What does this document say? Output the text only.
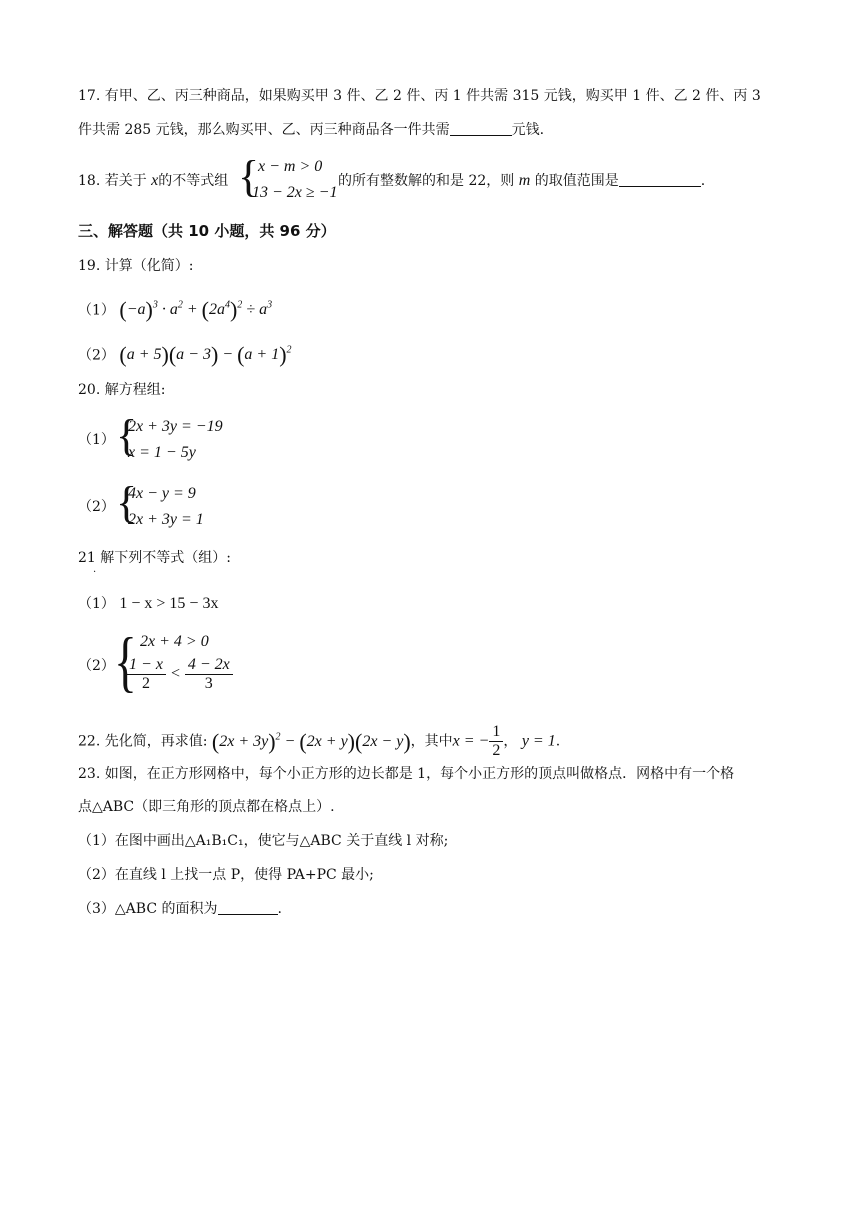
17. 有甲、乙、丙三种商品，如果购买甲 3 件、乙 2 件、丙 1 件共需 315 元钱，购买甲 1 件、乙 2 件、丙 3
件共需 285 元钱，那么购买甲、乙、丙三种商品各一件共需	元钱.
18. 若关于 x的不等式组 {
x − m > 0
13 − 2x ≥ −1
的所有整数解的和是 22，则 m 的取值范围是	.
三、解答题（共 10 小题，共 96 分）
19. 计算（化简）:
（1） $(-a)^3 \cdot a^2 + (2a^4)^2 \div a^3$
（2） $(a + 5)(a - 3) - (a + 1)^2$
20. 解方程组:
（1） {
2x + 3y = −19
x = 1 − 5y
（2） {
4x − y = 9
2x + 3y = 1
21 解下列不等式（组）:
.
（1） 1 − x > 15 − 3x
（2） { 2x + 4 > 0
$\frac{1 - x}{2} < \frac{4 - 2x}{3}$
22. 先化简，再求值: $(2x + 3y)^2 - (2x + y)(2x - y)$，其中x = − $\frac{1}{2}$ ， y = 1.
23. 如图，在正方形网格中，每个小正方形的边长都是 1，每个小正方形的顶点叫做格点．网格中有一个格
点△ABC（即三角形的顶点都在格点上）.
（1）在图中画出△A₁B₁C₁，使它与△ABC 关于直线 l 对称;
（2）在直线 l 上找一点 P，使得 PA+PC 最小;
（3）△ABC 的面积为	.
